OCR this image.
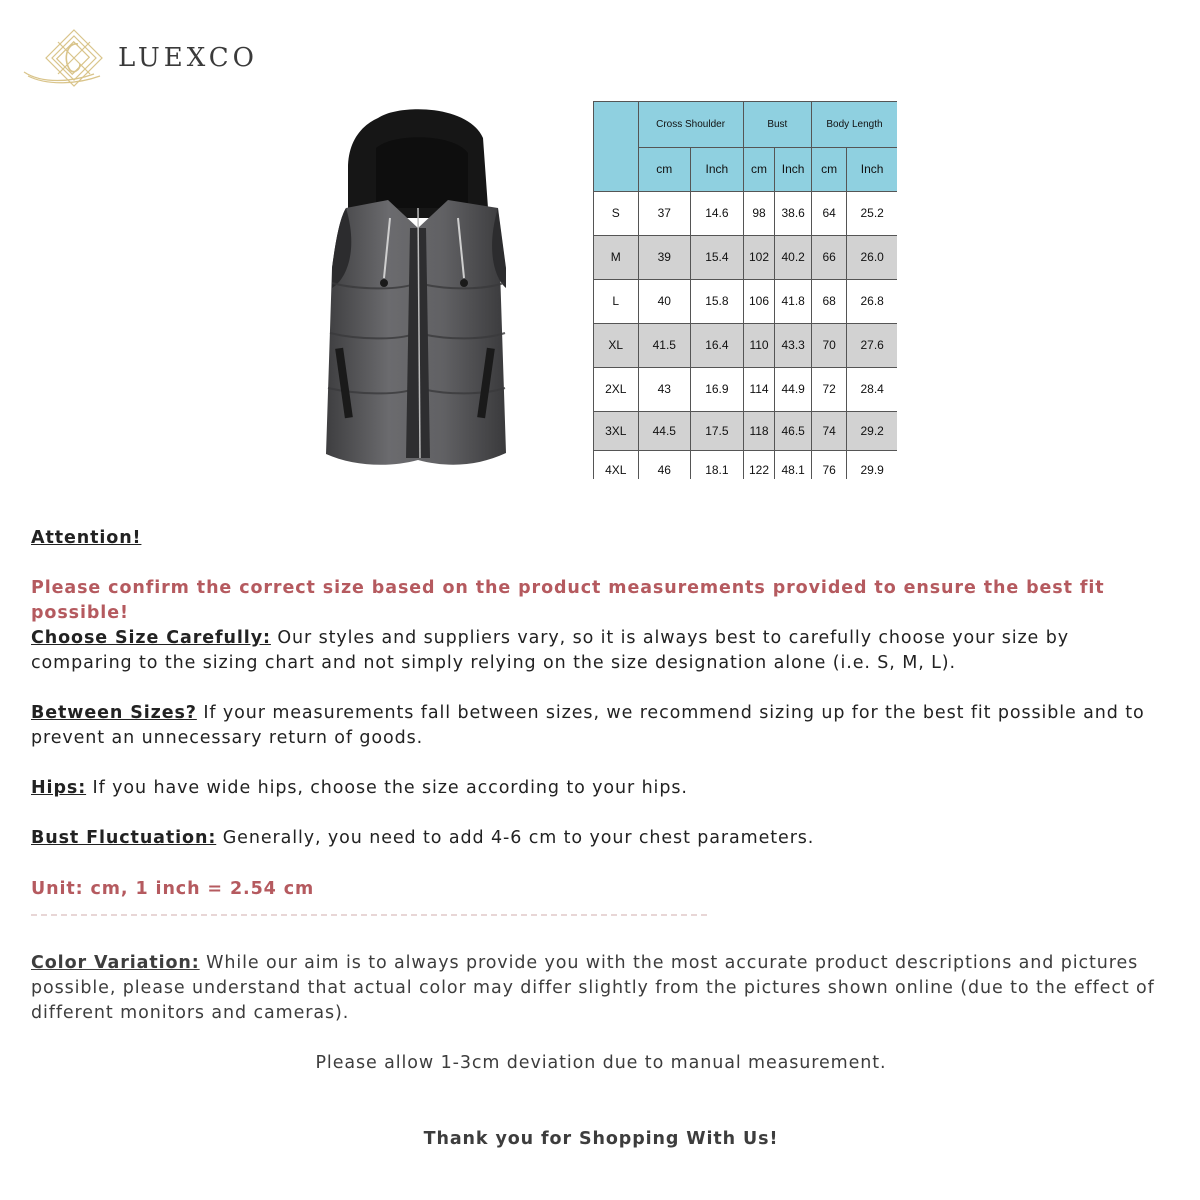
LUEXCO
	Cross Shoulder		Bust		Body Length	
	cm	Inch	cm	Inch	cm	Inch
S	37	14.6	98	38.6	64	25.2
M	39	15.4	102	40.2	66	26.0
L	40	15.8	106	41.8	68	26.8
XL	41.5	16.4	110	43.3	70	27.6
2XL	43	16.9	114	44.9	72	28.4
3XL	44.5	17.5	118	46.5	74	29.2
4XL	46	18.1	122	48.1	76	29.9
Attention!
Please confirm the correct size based on the product measurements provided to ensure the best fit possible!
Choose Size Carefully: Our styles and suppliers vary, so it is always best to carefully choose your size by comparing to the sizing chart and not simply relying on the size designation alone (i.e. S, M, L).
Between Sizes? If your measurements fall between sizes, we recommend sizing up for the best fit possible and to prevent an unnecessary return of goods.
Hips: If you have wide hips, choose the size according to your hips.
Bust Fluctuation: Generally, you need to add 4-6 cm to your chest parameters.
Unit: cm, 1 inch = 2.54 cm
Color Variation: While our aim is to always provide you with the most accurate product descriptions and pictures possible, please understand that actual color may differ slightly from the pictures shown online (due to the effect of different monitors and cameras).
Please allow 1-3cm deviation due to manual measurement.
Thank you for Shopping With Us!
